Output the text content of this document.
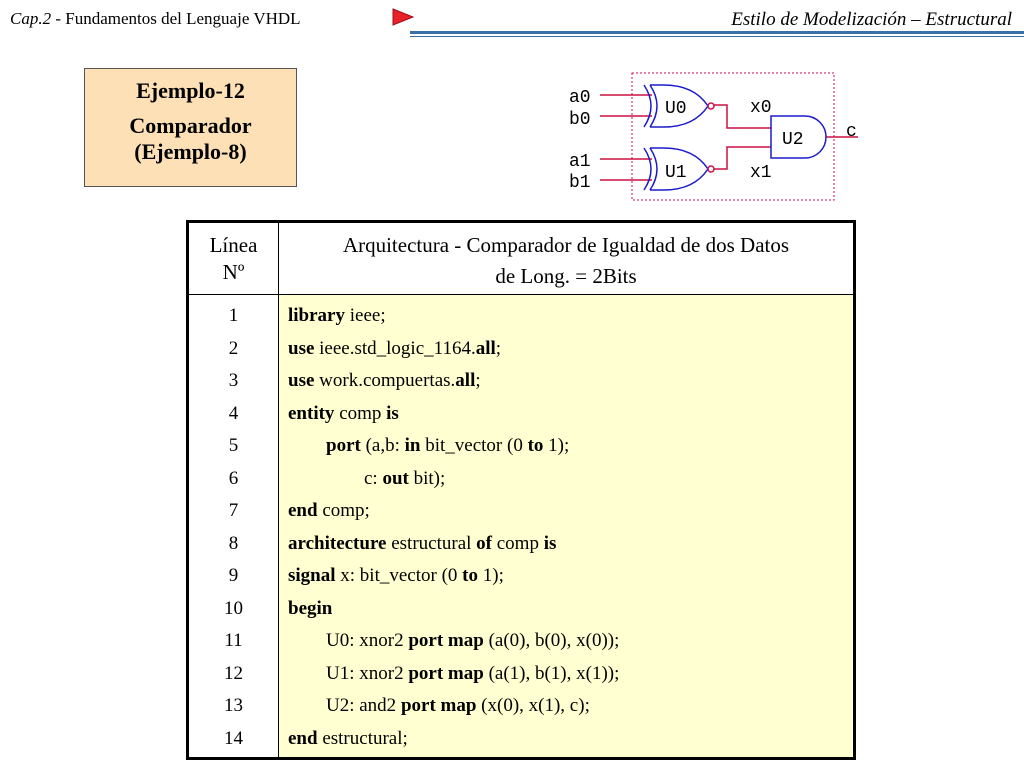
Cap.2 - Fundamentos del Lenguaje VHDL	Estilo de Modelización – Estructural
Ejemplo-12
Comparador
(Ejemplo-8)
a0
b0
a1
b1
U0
U1
U2
x0
x1
c
Línea
Nº
Arquitectura - Comparador de Igualdad de dos Datos
de Long. = 2Bits
1
2
3
4
5
6
7
8
9
10
11
12
13
14
library ieee;
use ieee.std_logic_1164.all;
use work.compuertas.all;
entity comp is
port (a,b: in bit_vector (0 to 1);
c: out bit);
end comp;
architecture estructural of comp is
signal x: bit_vector (0 to 1);
begin
U0: xnor2 port map (a(0), b(0), x(0));
U1: xnor2 port map (a(1), b(1), x(1));
U2: and2 port map (x(0), x(1), c);
end estructural;
